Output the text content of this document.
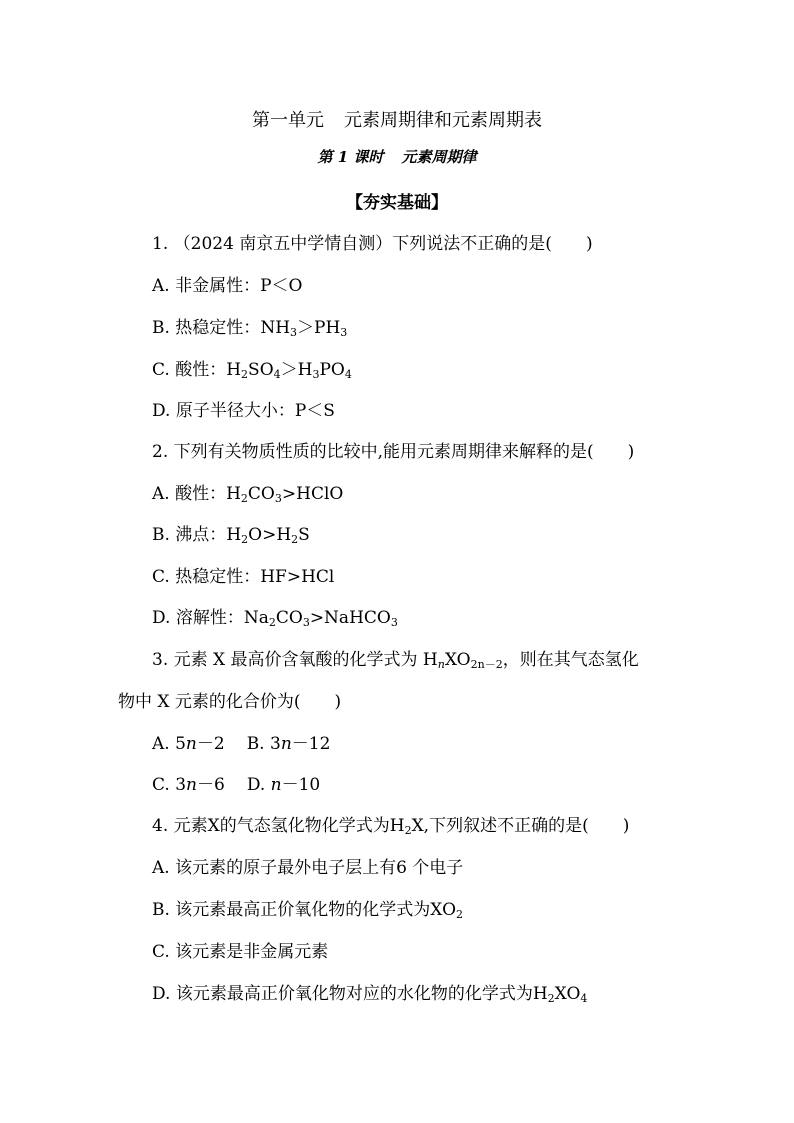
第一单元 元素周期律和元素周期表
第 1 课时 元素周期律
【夯实基础】
1. （2024 南京五中学情自测）下列说法不正确的是( )
A. 非金属性：P＜O
B. 热稳定性：$NH_3>PH_3$
C. 酸性：$H_2SO_4>H_3PO_4$
D. 原子半径大小：P＜S
2. 下列有关物质性质的比较中,能用元素周期律来解释的是( )
A. 酸性：$H_2CO_3>HClO$
B. 沸点：$H_2O>H_2S$
C. 热稳定性：HF>HCl
D. 溶解性：$Na_2CO_3>NaHCO_3$
3. 元素 X 最高价含氧酸的化学式为 $H_nXO_{2n-2}$，则在其气态氢化
物中 X 元素的化合价为( )
A. 5n－2 B. 3n－12
C. 3n－6 D. n－10
4. 元素X的气态氢化物化学式为$H_2X$,下列叙述不正确的是( )
A. 该元素的原子最外电子层上有6 个电子
B. 该元素最高正价氧化物的化学式为$XO_2$
C. 该元素是非金属元素
D. 该元素最高正价氧化物对应的水化物的化学式为$H_2XO_4$
